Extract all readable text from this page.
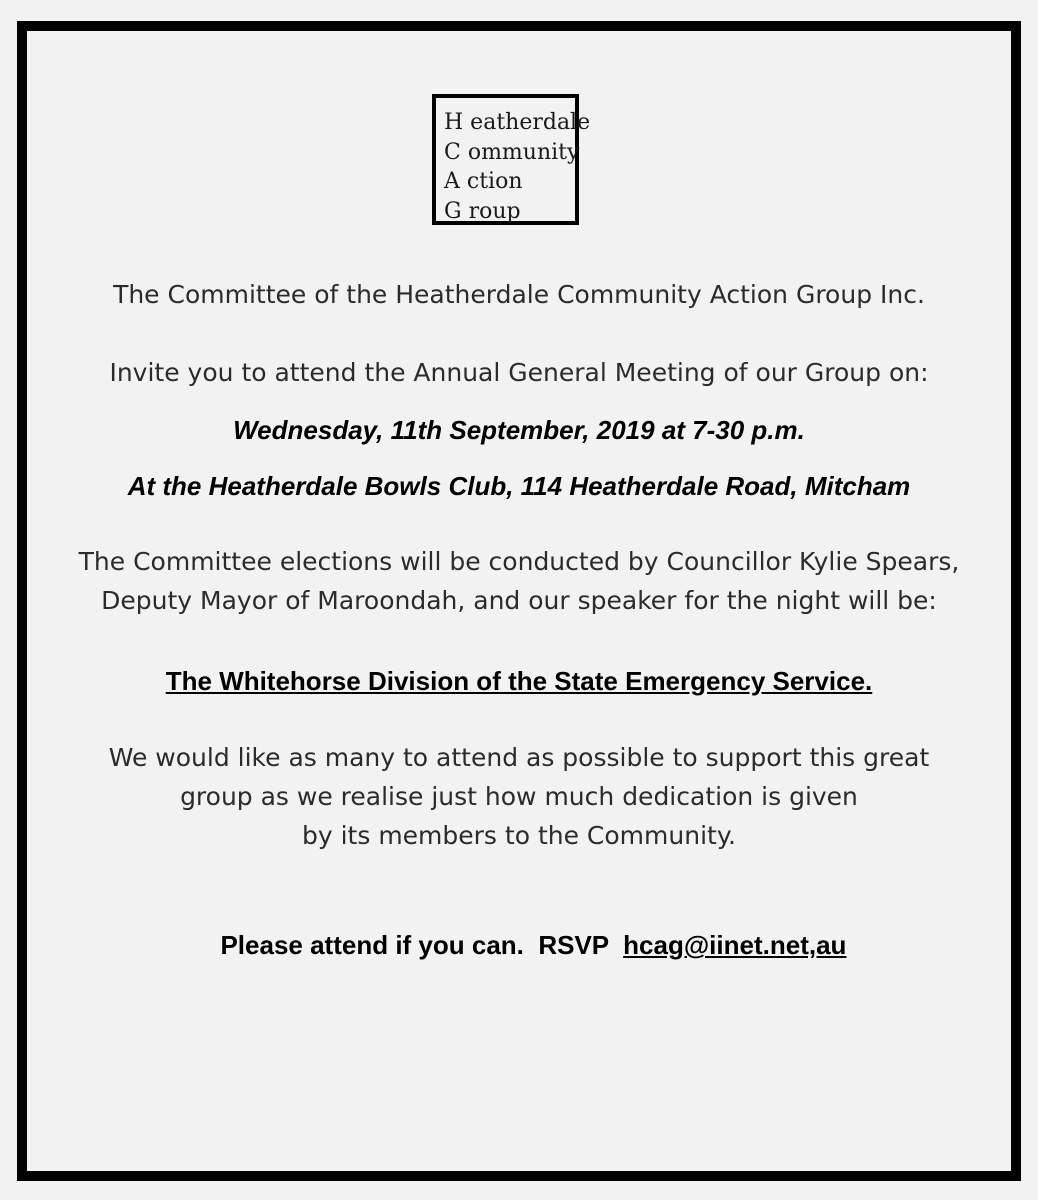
H eatherdale
C ommunity
A ction
G roup
The Committee of the Heatherdale Community Action Group Inc.
Invite you to attend the Annual General Meeting of our Group on:
Wednesday, 11th September, 2019 at 7-30 p.m.
At the Heatherdale Bowls Club, 114 Heatherdale Road, Mitcham
The Committee elections will be conducted by Councillor Kylie Spears,
Deputy Mayor of Maroondah, and our speaker for the night will be:
The Whitehorse Division of the State Emergency Service.
We would like as many to attend as possible to support this great
group as we realise just how much dedication is given
by its members to the Community.

Please attend if you can.  RSVP  hcag@iinet.net,au
